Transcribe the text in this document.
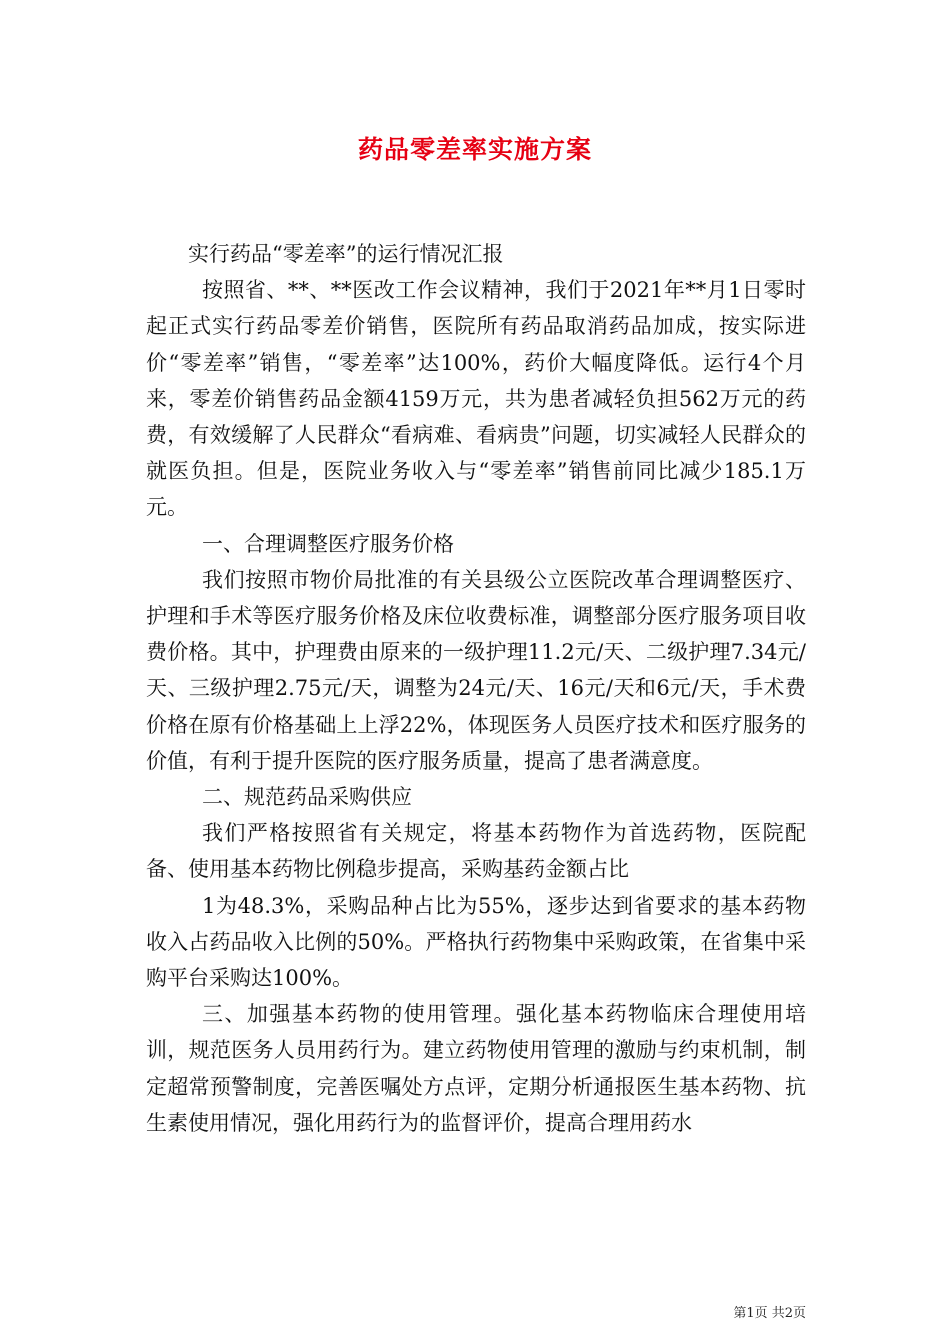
药品零差率实施方案

实行药品“零差率”的运行情况汇报

按照省、**、**医改工作会议精神，我们于2021年**月1日零时起正式实行药品零差价销售，医院所有药品取消药品加成，按实际进价“零差率”销售，“零差率”达100%，药价大幅度降低。运行4个月来，零差价销售药品金额4159万元，共为患者减轻负担562万元的药费，有效缓解了人民群众“看病难、看病贵”问题，切实减轻人民群众的就医负担。但是，医院业务收入与“零差率”销售前同比减少185.1万元。

一、合理调整医疗服务价格

我们按照市物价局批准的有关县级公立医院改革合理调整医疗、护理和手术等医疗服务价格及床位收费标准，调整部分医疗服务项目收费价格。其中，护理费由原来的一级护理11.2元/天、二级护理7.34元/天、三级护理2.75元/天，调整为24元/天、16元/天和6元/天，手术费价格在原有价格基础上上浮22%，体现医务人员医疗技术和医疗服务的价值，有利于提升医院的医疗服务质量，提高了患者满意度。

二、规范药品采购供应

我们严格按照省有关规定，将基本药物作为首选药物，医院配备、使用基本药物比例稳步提高，采购基药金额占比

1为48.3%，采购品种占比为55%，逐步达到省要求的基本药物收入占药品收入比例的50%。严格执行药物集中采购政策，在省集中采购平台采购达100%。

三、加强基本药物的使用管理。强化基本药物临床合理使用培训，规范医务人员用药行为。建立药物使用管理的激励与约束机制，制定超常预警制度，完善医嘱处方点评，定期分析通报医生基本药物、抗生素使用情况，强化用药行为的监督评价，提高合理用药水

第1页 共2页
